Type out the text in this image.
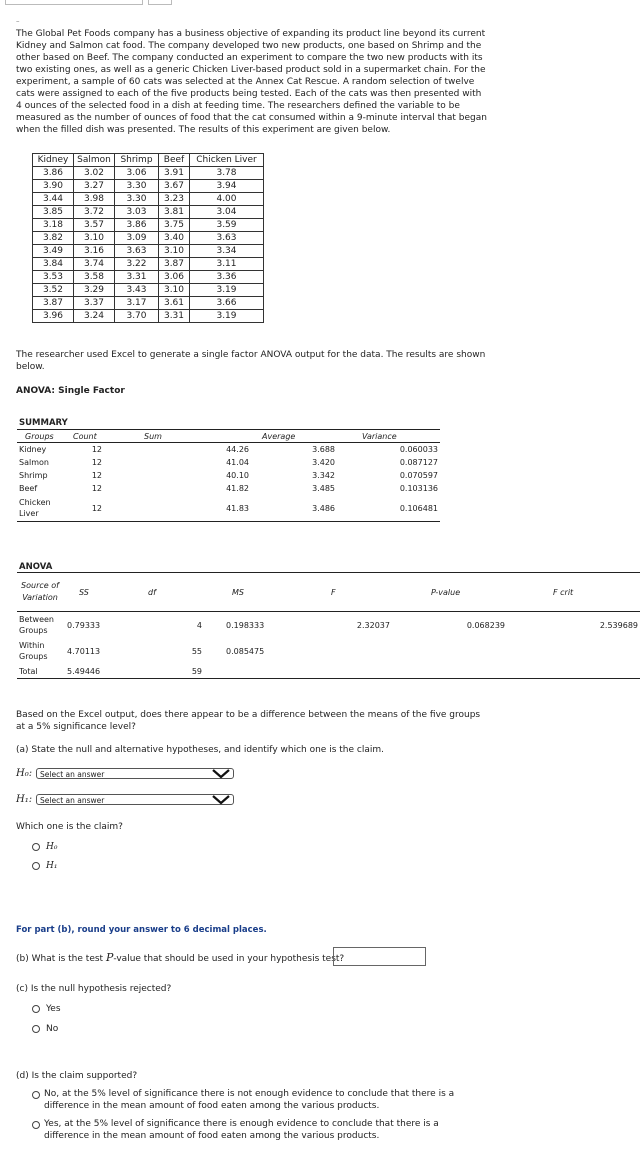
–
The Global Pet Foods company has a business objective of expanding its product line beyond its current Kidney and Salmon cat food. The company developed two new products, one based on Shrimp and the other based on Beef. The company conducted an experiment to compare the two new products with its two existing ones, as well as a generic Chicken Liver-based product sold in a supermarket chain. For the experiment, a sample of 60 cats was selected at the Annex Cat Rescue. A random selection of twelve cats were assigned to each of the five products being tested. Each of the cats was then presented with 4 ounces of the selected food in a dish at feeding time. The researchers defined the variable to be measured as the number of ounces of food that the cat consumed within a 9-minute interval that began when the filled dish was presented. The results of this experiment are given below.
Kidney	Salmon	Shrimp	Beef	Chicken Liver
3.86	3.02	3.06	3.91	3.78
3.90	3.27	3.30	3.67	3.94
3.44	3.98	3.30	3.23	4.00
3.85	3.72	3.03	3.81	3.04
3.18	3.57	3.86	3.75	3.59
3.82	3.10	3.09	3.40	3.63
3.49	3.16	3.63	3.10	3.34
3.84	3.74	3.22	3.87	3.11
3.53	3.58	3.31	3.06	3.36
3.52	3.29	3.43	3.10	3.19
3.87	3.37	3.17	3.61	3.66
3.96	3.24	3.70	3.31	3.19
The researcher used Excel to generate a single factor ANOVA output for the data. The results are shown below.
ANOVA: Single Factor
SUMMARY
Groups	Count	Sum	Average	Variance
Kidney	12	44.26	3.688	0.060033
Salmon	12	41.04	3.420	0.087127
Shrimp	12	40.10	3.342	0.070597
Beef	12	41.82	3.485	0.103136
Chicken Liver	12	41.83	3.486	0.106481
ANOVA
Source of Variation	SS	df	MS	F	P-value	F crit
Between Groups	0.79333	4	0.198333	2.32037	0.068239	2.539689
Within Groups	4.70113	55	0.085475			
Total	5.49446	59				
Based on the Excel output, does there appear to be a difference between the means of the five groups at a 5% significance level?
(a) State the null and alternative hypotheses, and identify which one is the claim.
H₀:	Select an answer
H₁:	Select an answer
Which one is the claim?
H₀
H₁
For part (b), round your answer to 6 decimal places.
(b) What is the test P-value that should be used in your hypothesis test?
(c) Is the null hypothesis rejected?
Yes
No
(d) Is the claim supported?
No, at the 5% level of significance there is not enough evidence to conclude that there is a difference in the mean amount of food eaten among the various products.
Yes, at the 5% level of significance there is enough evidence to conclude that there is a difference in the mean amount of food eaten among the various products.
